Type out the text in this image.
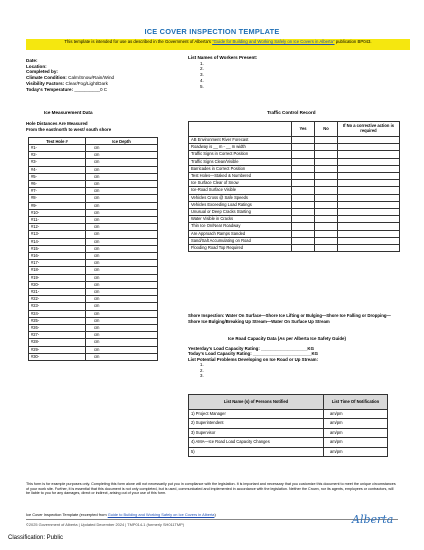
ICE COVER INSPECTION TEMPLATE
This template is intended for use as described in the Government of Alberta's "Guide for Building and Working Safely on Ice Covers in Alberta" publication BP043.
Date:
Location:
Completed by:
Climate Condition: Calm/Snow/Rain/Wind
Visibility Factors: Clear/Fog/Light/Dark
Today's Temperature: __________0 C
List Names of Workers Present:
1.
2.
3.
4.
5.
Ice Measurement Data
Hole Distances Are Measured
From the east/north to west/ south shore
Test Hole #	Ice Depth
#1-	cm
#2-	cm
#3-	cm
#4-	cm
#5-	cm
#6-	cm
#7-	cm
#8-	cm
#9-	cm
#10-	cm
#11-	cm
#12-	cm
#13-	cm
#14-	cm
#15-	cm
#16-	cm
#17-	cm
#18-	cm
#19-	cm
#20-	cm
#21-	cm
#22-	cm
#23-	cm
#24-	cm
#25-	cm
#26-	cm
#27-	cm
#28-	cm
#29-	cm
#30-	cm
Traffic Control Record
	Yes	No	If No a corrective action is required
AB Environment River Forecast			
Roadway is __ m - __ m width			
Traffic Signs in Correct Position			
Traffic Signs Clean/Visible			
Barricades in Correct Position			
Test Holes—Staked & Numbered			
Ice Surface Clear of Snow			
Ice-Road Surface Visible			
Vehicles Cross @ Safe Speeds			
Vehicles Exceeding Load Ratings			
Unusual or Deep Cracks Starting			
Water Visible in Cracks			
Thin Ice On/Near Roadway			
Are Approach Ramps Sanded			
Sand/Salt Accumulating on Road			
Flooding Road Top Required			
Shore Inspection: Water On Surface—Shore Ice Lifting or Bulging—Shore Ice Falling or Dropping—Shore Ice Bulging/Breaking Up Stream—Water On Surface Up Stream
Ice Road Capacity Data (As per Alberta Ice Safety Guide)
Yesterday's Load Capacity Rating: ___________________KG
Today's Load Capacity Rating: ________________________KG
List Potential Problems Developing on Ice Road or Up Stream:
1.
2.
3.
List Name (s) of Persons Notified	List Time Of Notification
1) Project Manager	am/pm
2) Superintendent	am/pm
3) Supervisor	am/pm
4) AMA—Ice Road Load Capacity Changes	am/pm
5)	am/pm
This form is for example purposes only. Completing this form alone will not necessarily put you in compliance with the legislation. It is important and necessary that you customize this document to meet the unique circumstances of your work site. Further, it is essential that this document is not only completed, but is used, communicated and implemented in accordance with the legislation. Neither the Crown, nor its agents, employees or contractors, will be liable to you for any damages, direct or indirect, arising out of your use of this form.
Ice Cover Inspection Template (excerpted from Guide to Building and Working Safely on Ice Covers in Alberta)
©2025 Government of Alberta | Updated December 2024 | TMP014-1 (formerly SH011TMP)
Classification: Public
Alberta
